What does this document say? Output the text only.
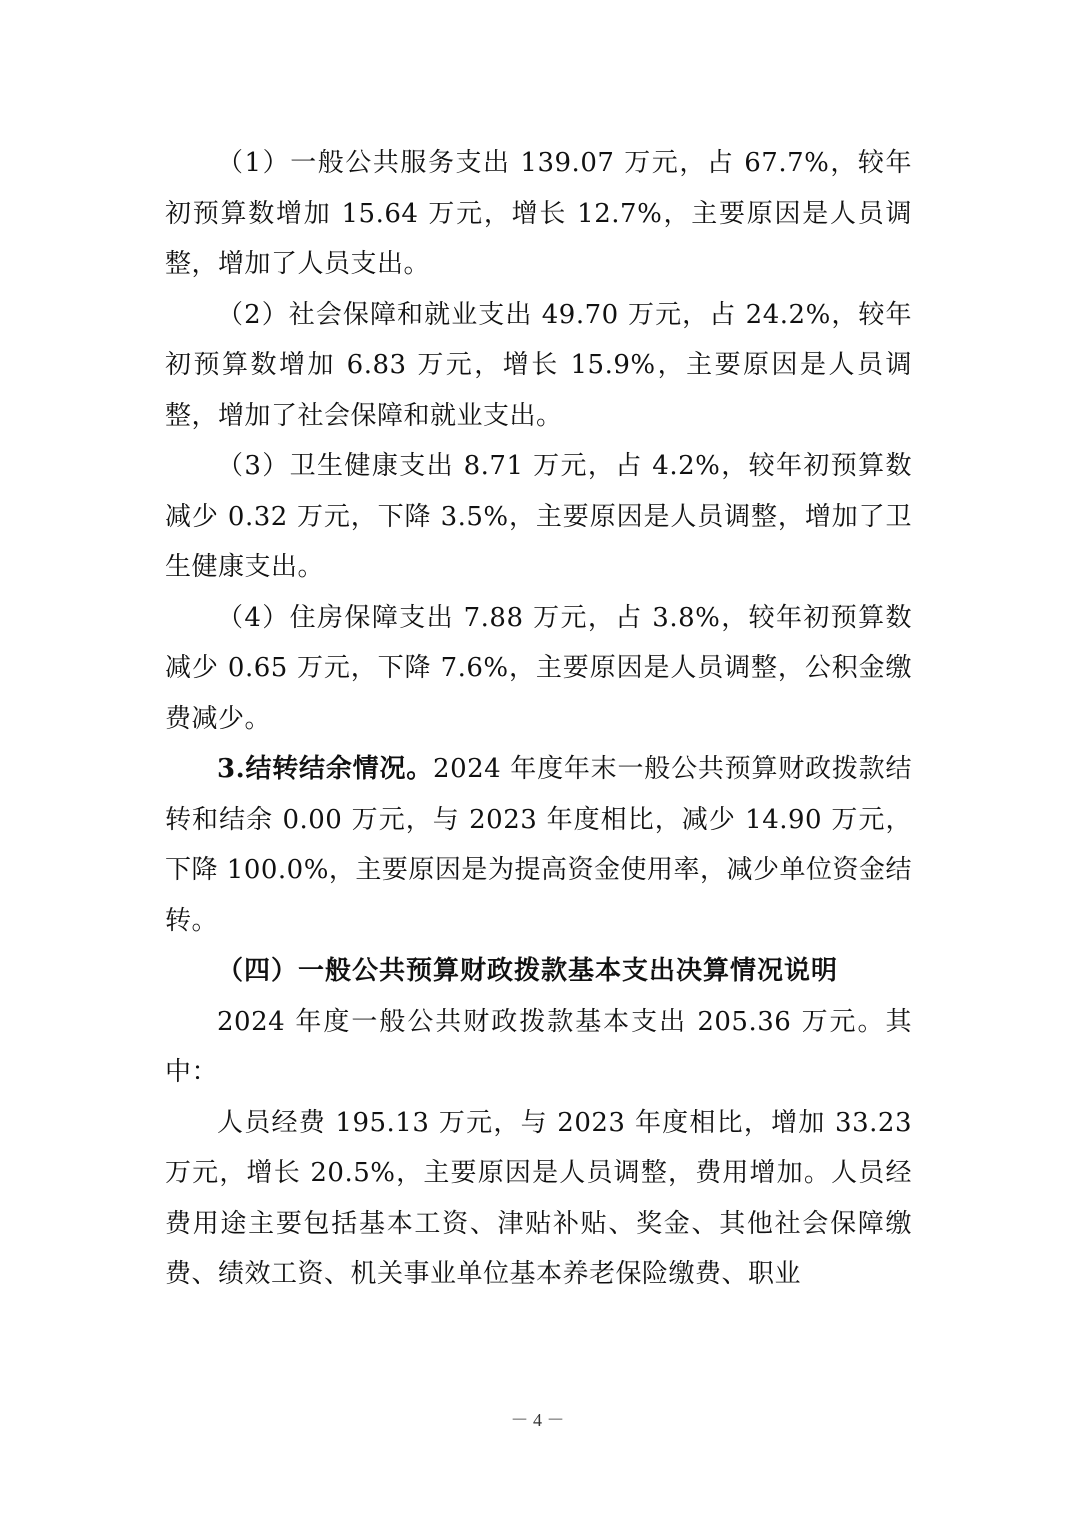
（1）一般公共服务支出 139.07 万元，占 67.7%，较年初预算数增加 15.64 万元，增长 12.7%，主要原因是人员调整，增加了人员支出。

（2）社会保障和就业支出 49.70 万元，占 24.2%，较年初预算数增加 6.83 万元，增长 15.9%，主要原因是人员调整，增加了社会保障和就业支出。

（3）卫生健康支出 8.71 万元，占 4.2%，较年初预算数减少 0.32 万元，下降 3.5%，主要原因是人员调整，增加了卫生健康支出。

（4）住房保障支出 7.88 万元，占 3.8%，较年初预算数减少 0.65 万元，下降 7.6%，主要原因是人员调整，公积金缴费减少。

3.结转结余情况。2024 年度年末一般公共预算财政拨款结转和结余 0.00 万元，与 2023 年度相比，减少 14.90 万元，下降 100.0%，主要原因是为提高资金使用率，减少单位资金结转。

（四）一般公共预算财政拨款基本支出决算情况说明

2024 年度一般公共财政拨款基本支出 205.36 万元。其中：

人员经费 195.13 万元，与 2023 年度相比，增加 33.23 万元，增长 20.5%，主要原因是人员调整，费用增加。人员经费用途主要包括基本工资、津贴补贴、奖金、其他社会保障缴费、绩效工资、机关事业单位基本养老保险缴费、职业

－ 4 －
